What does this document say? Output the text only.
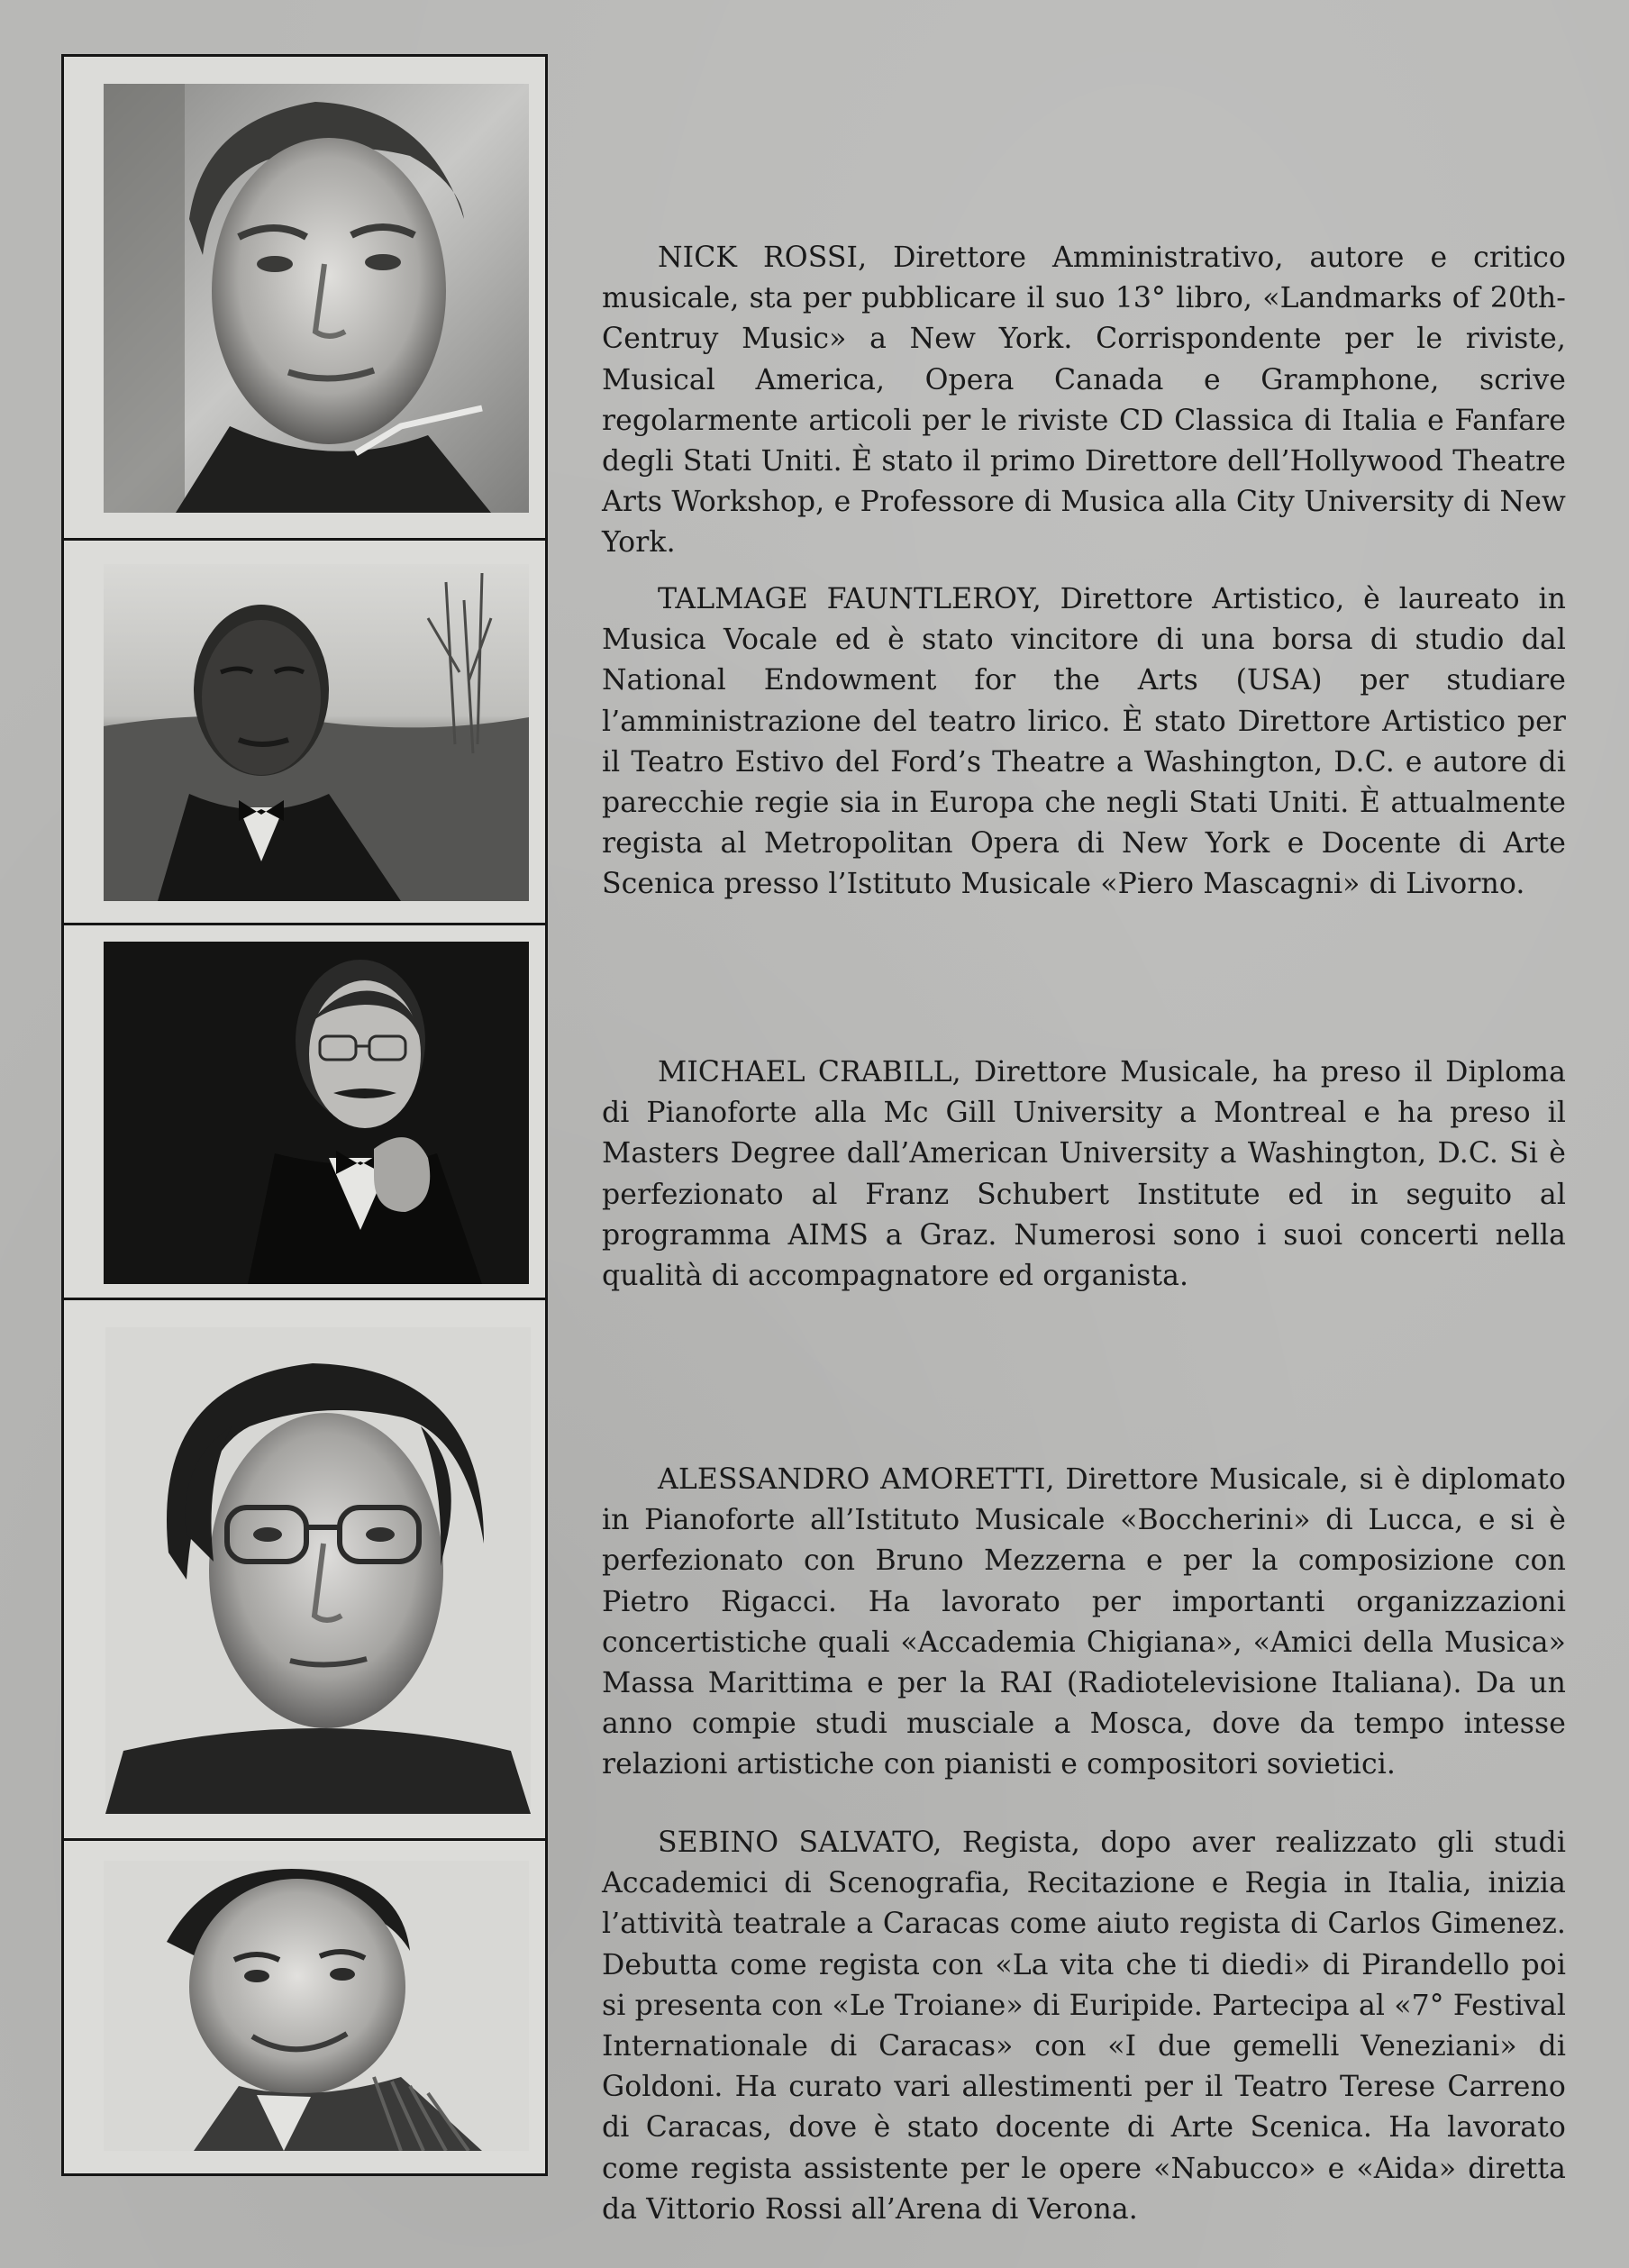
NICK ROSSI, Direttore Amministrativo, autore e critico musicale, sta per pubblicare il suo 13° libro, «Landmarks of 20th-Centruy Music» a New York. Corrispondente per le riviste, Musical America, Opera Canada e Gramphone, scrive regolarmente articoli per le riviste CD Classica di Italia e Fanfare degli Stati Uniti. È stato il primo Direttore dell’Hollywood Theatre Arts Workshop, e Professore di Musica alla City University di New York.

TALMAGE FAUNTLEROY, Direttore Artistico, è laureato in Musica Vocale ed è stato vincitore di una borsa di studio dal National Endowment for the Arts (USA) per studiare l’amministrazione del teatro lirico. È stato Direttore Artistico per il Teatro Estivo del Ford’s Theatre a Washington, D.C. e autore di parecchie regie sia in Europa che negli Stati Uniti. È attualmente regista al Metropolitan Opera di New York e Docente di Arte Scenica presso l’Istituto Musicale «Piero Mascagni» di Livorno.

MICHAEL CRABILL, Direttore Musicale, ha preso il Diploma di Pianoforte alla Mc Gill University a Montreal e ha preso il Masters Degree dall’American University a Washington, D.C. Si è perfezionato al Franz Schubert Institute ed in seguito al programma AIMS a Graz. Numerosi sono i suoi concerti nella qualità di accompagnatore ed organista.

ALESSANDRO AMORETTI, Direttore Musicale, si è diplomato in Pianoforte all’Istituto Musicale «Boccherini» di Lucca, e si è perfezionato con Bruno Mezzerna e per la composizione con Pietro Rigacci. Ha lavorato per importanti organizzazioni concertistiche quali «Accademia Chigiana», «Amici della Musica» Massa Marittima e per la RAI (Radiotelevisione Italiana). Da un anno compie studi musciale a Mosca, dove da tempo intesse relazioni artistiche con pianisti e compositori sovietici.

SEBINO SALVATO, Regista, dopo aver realizzato gli studi Accademici di Scenografia, Recitazione e Regia in Italia, inizia l’attività teatrale a Caracas come aiuto regista di Carlos Gimenez. Debutta come regista con «La vita che ti diedi» di Pirandello poi si presenta con «Le Troiane» di Euripide. Partecipa al «7° Festival Internationale di Caracas» con «I due gemelli Veneziani» di Goldoni. Ha curato vari allestimenti per il Teatro Terese Carreno di Caracas, dove è stato docente di Arte Scenica. Ha lavorato come regista assistente per le opere «Nabucco» e «Aida» diretta da Vittorio Rossi all’Arena di Verona.
